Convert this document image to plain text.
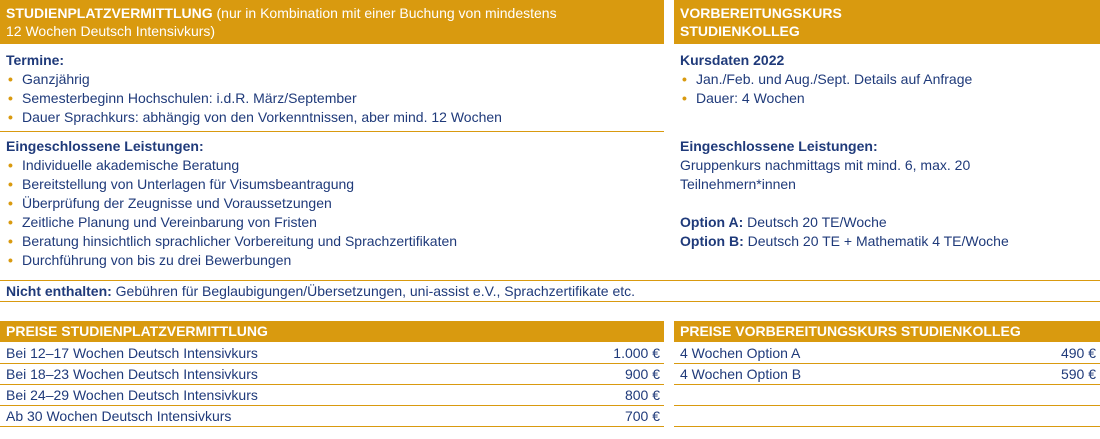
STUDIENPLATZVERMITTLUNG (nur in Kombination mit einer Buchung von mindestens
12 Wochen Deutsch Intensivkurs)
VORBEREITUNGSKURS
STUDIENKOLLEG
Termine:
• Ganzjährig
• Semesterbeginn Hochschulen: i.d.R. März/September
• Dauer Sprachkurs: abhängig von den Vorkenntnissen, aber mind. 12 Wochen
Kursdaten 2022
• Jan./Feb. und Aug./Sept. Details auf Anfrage
• Dauer: 4 Wochen
Eingeschlossene Leistungen:
• Individuelle akademische Beratung
• Bereitstellung von Unterlagen für Visumsbeantragung
• Überprüfung der Zeugnisse und Voraussetzungen
• Zeitliche Planung und Vereinbarung von Fristen
• Beratung hinsichtlich sprachlicher Vorbereitung und Sprachzertifikaten
• Durchführung von bis zu drei Bewerbungen
Eingeschlossene Leistungen:
Gruppenkurs nachmittags mit mind. 6, max. 20
Teilnehmern*innen
Option A: Deutsch 20 TE/Woche
Option B: Deutsch 20 TE + Mathematik 4 TE/Woche
Nicht enthalten: Gebühren für Beglaubigungen/Übersetzungen, uni-assist e.V., Sprachzertifikate etc.
PREISE STUDIENPLATZVERMITTLUNG	PREISE VORBEREITUNGSKURS STUDIENKOLLEG
Bei 12–17 Wochen Deutsch Intensivkurs	1.000 €
Bei 18–23 Wochen Deutsch Intensivkurs	900 €
Bei 24–29 Wochen Deutsch Intensivkurs	800 €
Ab 30 Wochen Deutsch Intensivkurs	700 €
4 Wochen Option A	490 €
4 Wochen Option B	590 €
